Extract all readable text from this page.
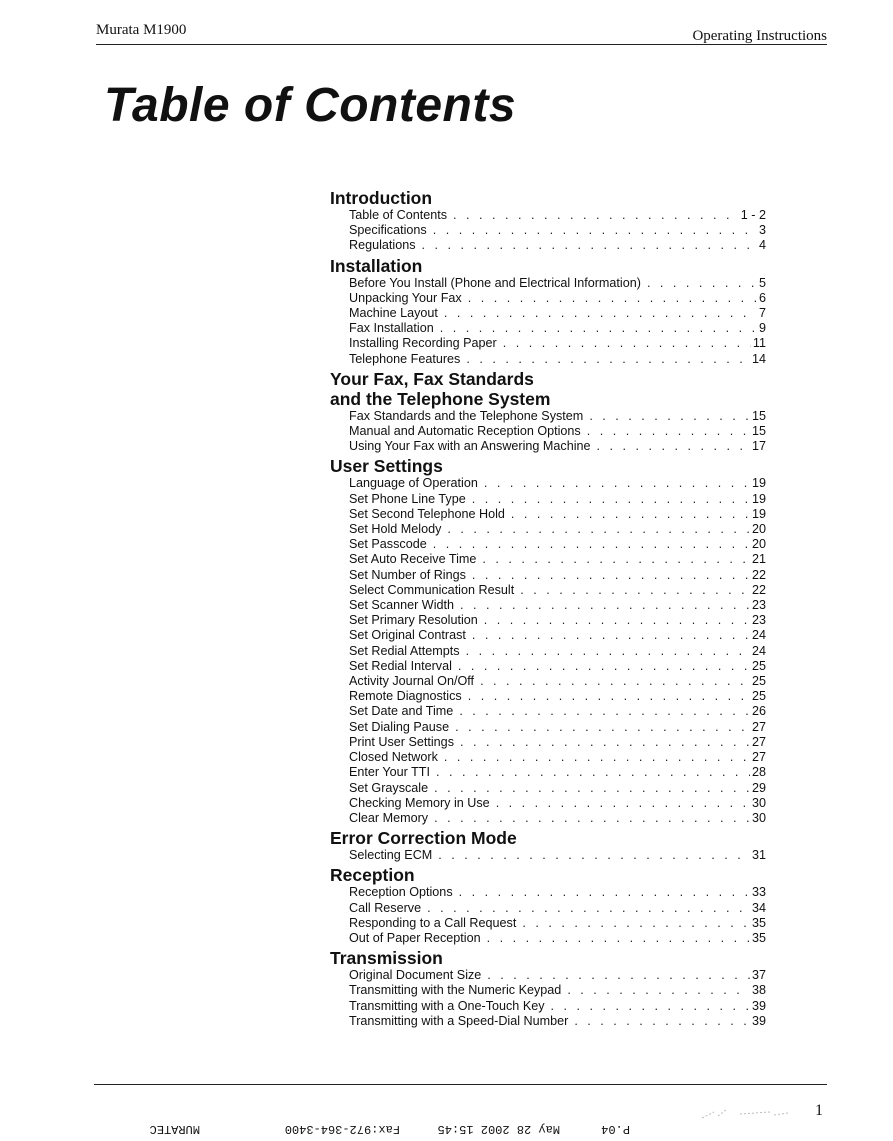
Murata M1900	Operating Instructions
Table of Contents
Introduction
Table of Contents . . .	1 - 2
Specifications . . .	3
Regulations . . .	4
Installation
Before You Install (Phone and Electrical Information) . . .	5
Unpacking Your Fax . . .	6
Machine Layout . . .	7
Fax Installation . . .	9
Installing Recording Paper . . .	11
Telephone Features . . .	14
Your Fax, Fax Standards
and the Telephone System
Fax Standards and the Telephone System . . .	15
Manual and Automatic Reception Options . . .	15
Using Your Fax with an Answering Machine . . .	17
User Settings
Language of Operation . . .	19
Set Phone Line Type . . .	19
Set Second Telephone Hold . . .	19
Set Hold Melody . . .	20
Set Passcode . . .	20
Set Auto Receive Time . . .	21
Set Number of Rings . . .	22
Select Communication Result . . .	22
Set Scanner Width . . .	23
Set Primary Resolution . . .	23
Set Original Contrast . . .	24
Set Redial Attempts . . .	24
Set Redial Interval . . .	25
Activity Journal On/Off . . .	25
Remote Diagnostics . . .	25
Set Date and Time . . .	26
Set Dialing Pause . . .	27
Print User Settings . . .	27
Closed Network . . .	27
Enter Your TTI . . .	28
Set Grayscale . . .	29
Checking Memory in Use . . .	30
Clear Memory . . .	30
Error Correction Mode
Selecting ECM . . .	31
Reception
Reception Options . . .	33
Call Reserve . . .	34
Responding to a Call Request . . .	35
Out of Paper Reception . . .	35
Transmission
Original Document Size . . .	37
Transmitting with the Numeric Keypad . . .	38
Transmitting with a One-Touch Key . . .	39
Transmitting with a Speed-Dial Number . . .	39
1
P.04
May 28 2002 15:45
Fax:972-364-3400
MURATEC
